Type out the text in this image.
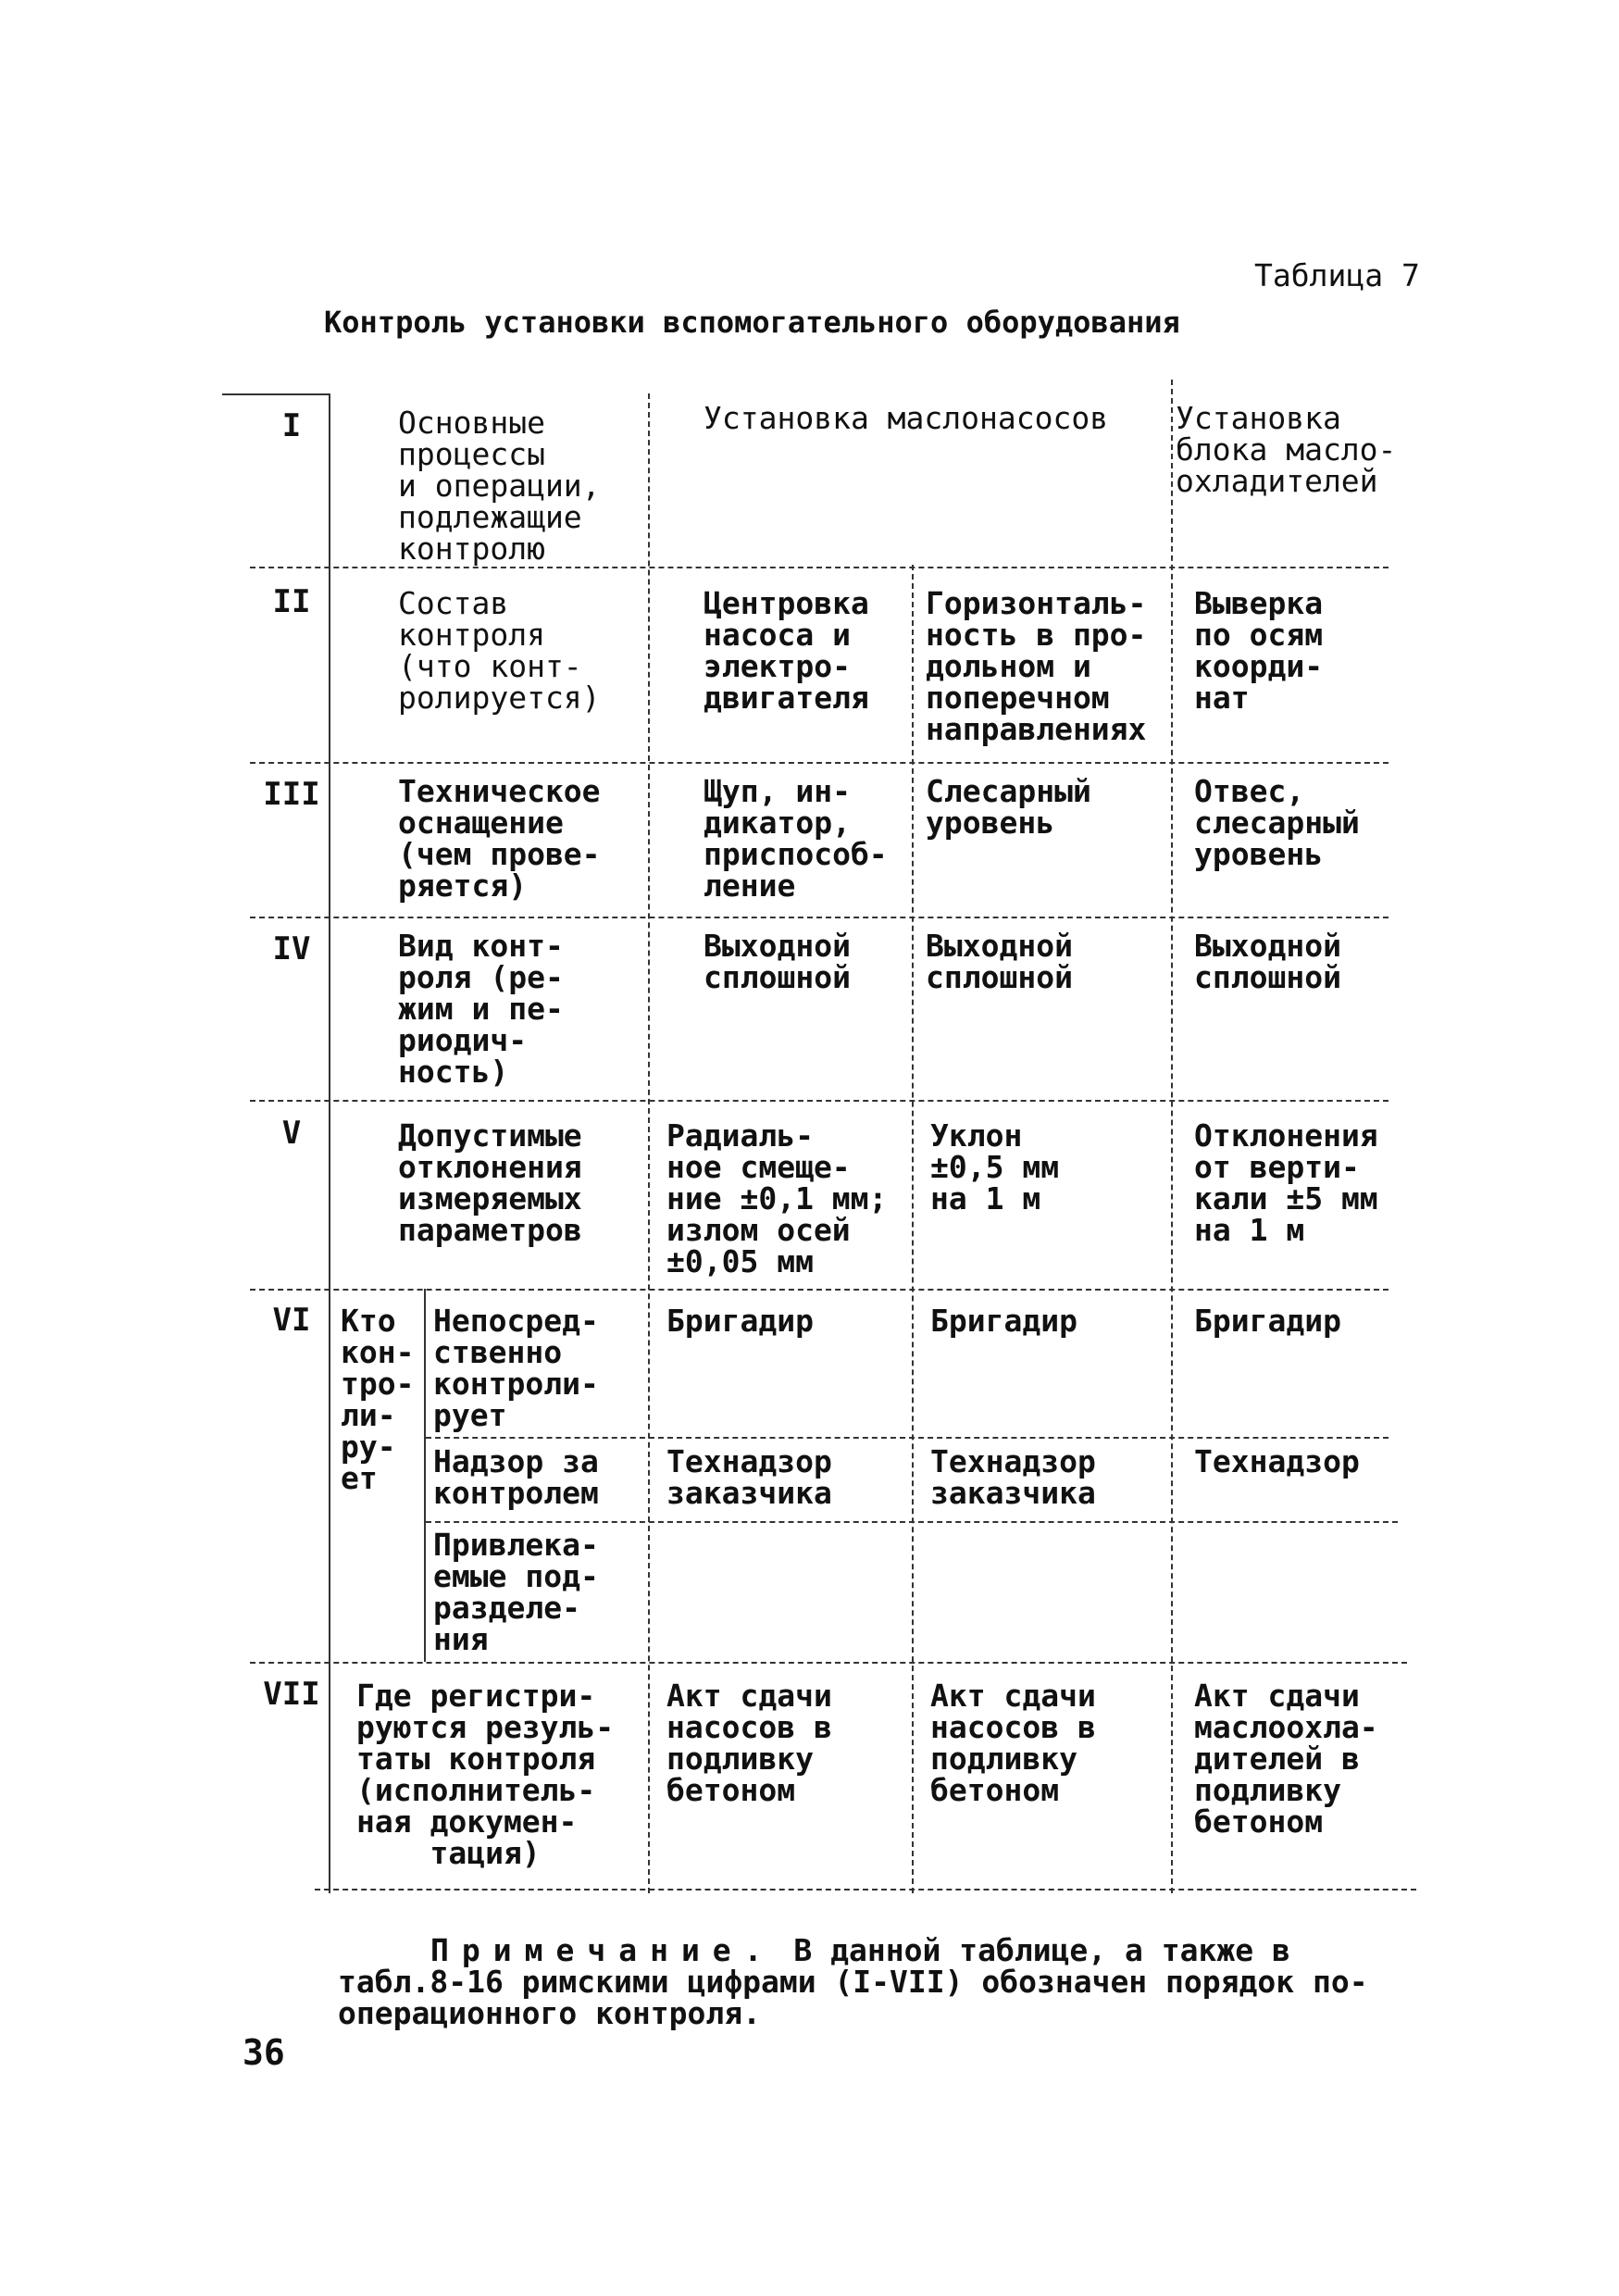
Таблица 7
Контроль установки вспомогательного оборудования
I
II
III
IV
V
VI
VII
Основные
процессы
и операции,
подлежащие
контролю
Установка маслонасосов Установка
блока масло-
охладителей
Состав
контроля
(что конт-
ролируется)
Центровка
насоса и
электро-
двигателя
Горизонталь-
ность в про-
дольном и
поперечном
направлениях
Выверка
по осям
коорди-
нат
Техническое
оснащение
(чем прове-
ряется)
Щуп, ин-
дикатор,
приспособ-
ление
Слесарный
уровень
Отвес,
слесарный
уровень
Вид конт-
роля (ре-
жим и пе-
риодич-
ность)
Выходной
сплошной
Выходной
сплошной
Выходной
сплошной
Допустимые
отклонения
измеряемых
параметров
Радиаль-
ное смеще-
ние ±0,1 мм;
излом осей
±0,05 мм
Уклон
±0,5 мм
на 1 м
Отклонения
от верти-
кали ±5 мм
на 1 м
Кто
кон-
тро-
ли-
ру-
ет
Непосред-
ственно
контроли-
рует
Бригадир	Бригадир	Бригадир
Надзор за
контролем
Технадзор
заказчика
Технадзор
заказчика
Технадзор
Привлека-
емые под-
разделе-
ния
Где регистри-
руются резуль-
таты контроля
(исполнитель-
ная докумен-
тация)
Акт сдачи
насосов в
подливку
бетоном
Акт сдачи
насосов в
подливку
бетоном
Акт сдачи
маслоохла-
дителей в
подливку
бетоном
Примечание. В данной таблице, а также в
табл.8-16 римскими цифрами (I-VII) обозначен порядок по-
операционного контроля.
36
